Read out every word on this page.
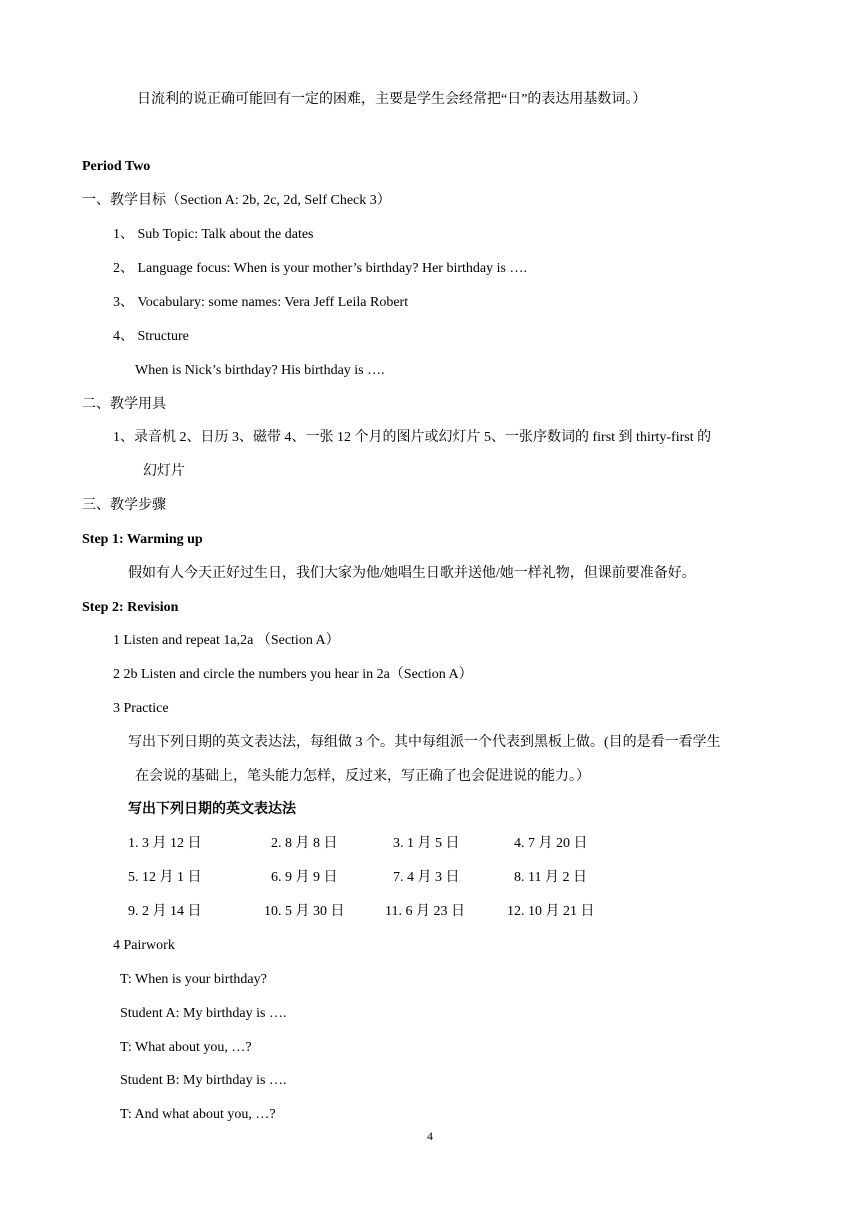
日流利的说正确可能回有一定的困难，主要是学生会经常把“日”的表达用基数词。）
Period Two
一、教学目标（Section A: 2b, 2c, 2d, Self Check 3）
1、 Sub Topic: Talk about the dates
2、 Language focus: When is your mother’s birthday? Her birthday is ….
3、 Vocabulary: some names: Vera Jeff Leila Robert
4、 Structure
When is Nick’s birthday? His birthday is ….
二、教学用具
1、录音机 2、日历 3、磁带 4、一张 12 个月的图片或幻灯片 5、一张序数词的 first 到 thirty-first 的
幻灯片
三、教学步骤
Step 1: Warming up
假如有人今天正好过生日，我们大家为他/她唱生日歌并送他/她一样礼物，但课前要准备好。
Step 2: Revision
1 Listen and repeat 1a,2a （Section A）
2 2b Listen and circle the numbers you hear in 2a（Section A）
3 Practice
写出下列日期的英文表达法，每组做 3 个。其中每组派一个代表到黑板上做。(目的是看一看学生
在会说的基础上，笔头能力怎样，反过来，写正确了也会促进说的能力。）
写出下列日期的英文表达法
1. 3 月 12 日	2. 8 月 8 日	3. 1 月 5 日	4. 7 月 20 日
5. 12 月 1 日	6. 9 月 9 日	7. 4 月 3 日	8. 11 月 2 日
9. 2 月 14 日	10. 5 月 30 日	11. 6 月 23 日	12. 10 月 21 日
4 Pairwork
T: When is your birthday?
Student A: My birthday is ….
T: What about you, …?
Student B: My birthday is ….
T: And what about you, …?
4
